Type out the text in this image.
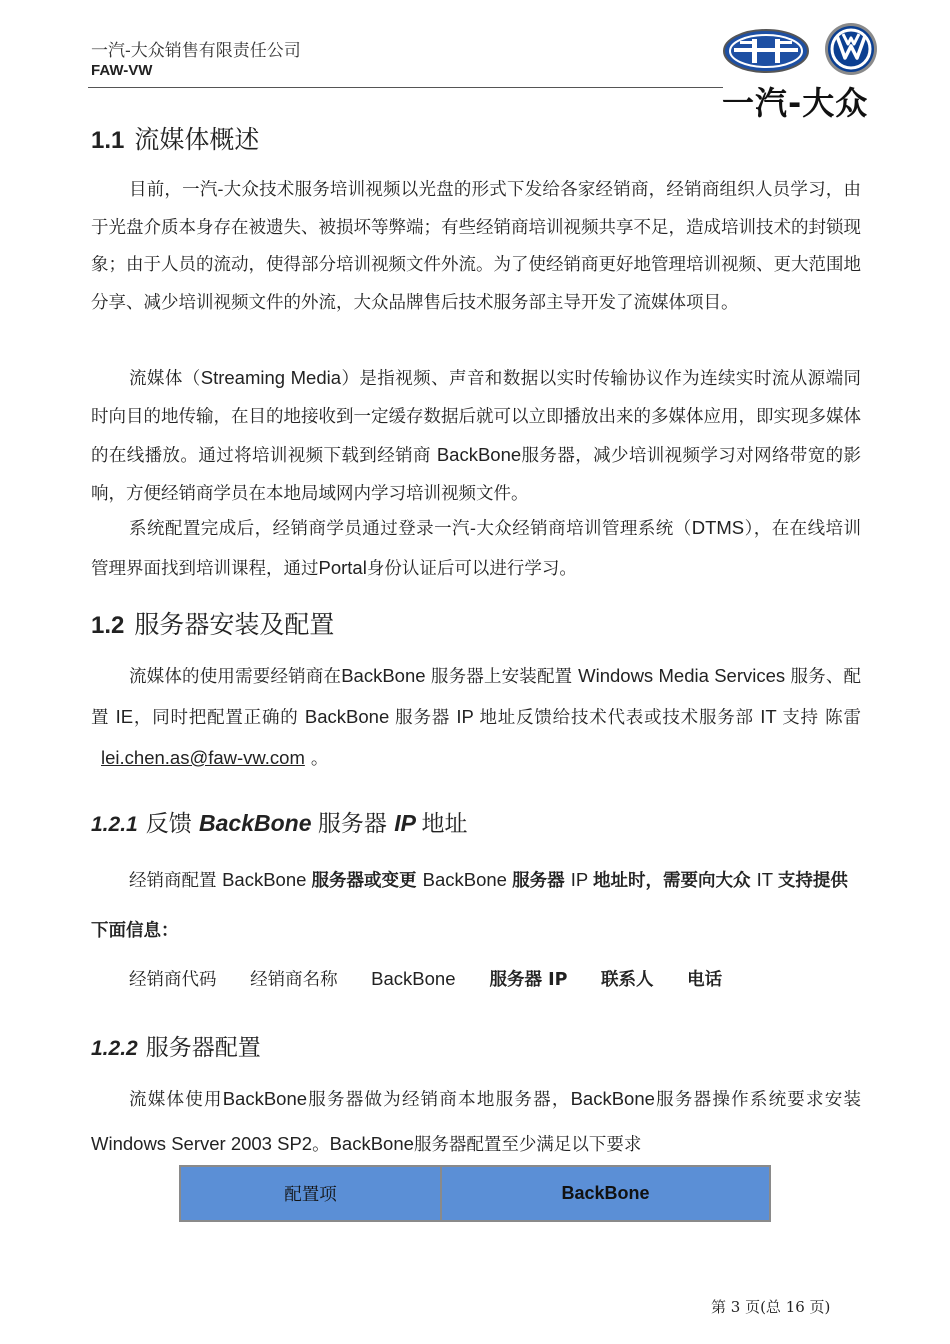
一汽-大众销售有限责任公司
FAW-VW
一汽-大众
1.1 流媒体概述

目前，一汽-大众技术服务培训视频以光盘的形式下发给各家经销商，经销商组织人员学习，由于光盘介质本身存在被遗失、被损坏等弊端；有些经销商培训视频共享不足，造成培训技术的封锁现象；由于人员的流动，使得部分培训视频文件外流。为了使经销商更好地管理培训视频、更大范围地分享、减少培训视频文件的外流，大众品牌售后技术服务部主导开发了流媒体项目。

流媒体（Streaming Media）是指视频、声音和数据以实时传输协议作为连续实时流从源端同时向目的地传输，在目的地接收到一定缓存数据后就可以立即播放出来的多媒体应用，即实现多媒体的在线播放。通过将培训视频下载到经销商 BackBone服务器，减少培训视频学习对网络带宽的影响，方便经销商学员在本地局域网内学习培训视频文件。

系统配置完成后，经销商学员通过登录一汽-大众经销商培训管理系统（DTMS），在在线培训管理界面找到培训课程，通过Portal身份认证后可以进行学习。

1.2 服务器安装及配置

流媒体的使用需要经销商在BackBone 服务器上安装配置 Windows Media Services 服务、配置 IE，同时把配置正确的 BackBone 服务器 IP 地址反馈给技术代表或技术服务部 IT 支持 陈雷lei.chen.as@faw-vw.com 。

1.2.1 反馈 BackBone 服务器 IP 地址

经销商配置 BackBone 服务器或变更 BackBone 服务器 IP 地址时，需要向大众 IT 支持提供下面信息：

经销商代码 经销商名称 BackBone 服务器 IP 联系人 电话
1.2.2 服务器配置

流媒体使用BackBone服务器做为经销商本地服务器，BackBone服务器操作系统要求安装Windows Server 2003 SP2。BackBone服务器配置至少满足以下要求

配置项	BackBone
第 3 页(总 16 页)
